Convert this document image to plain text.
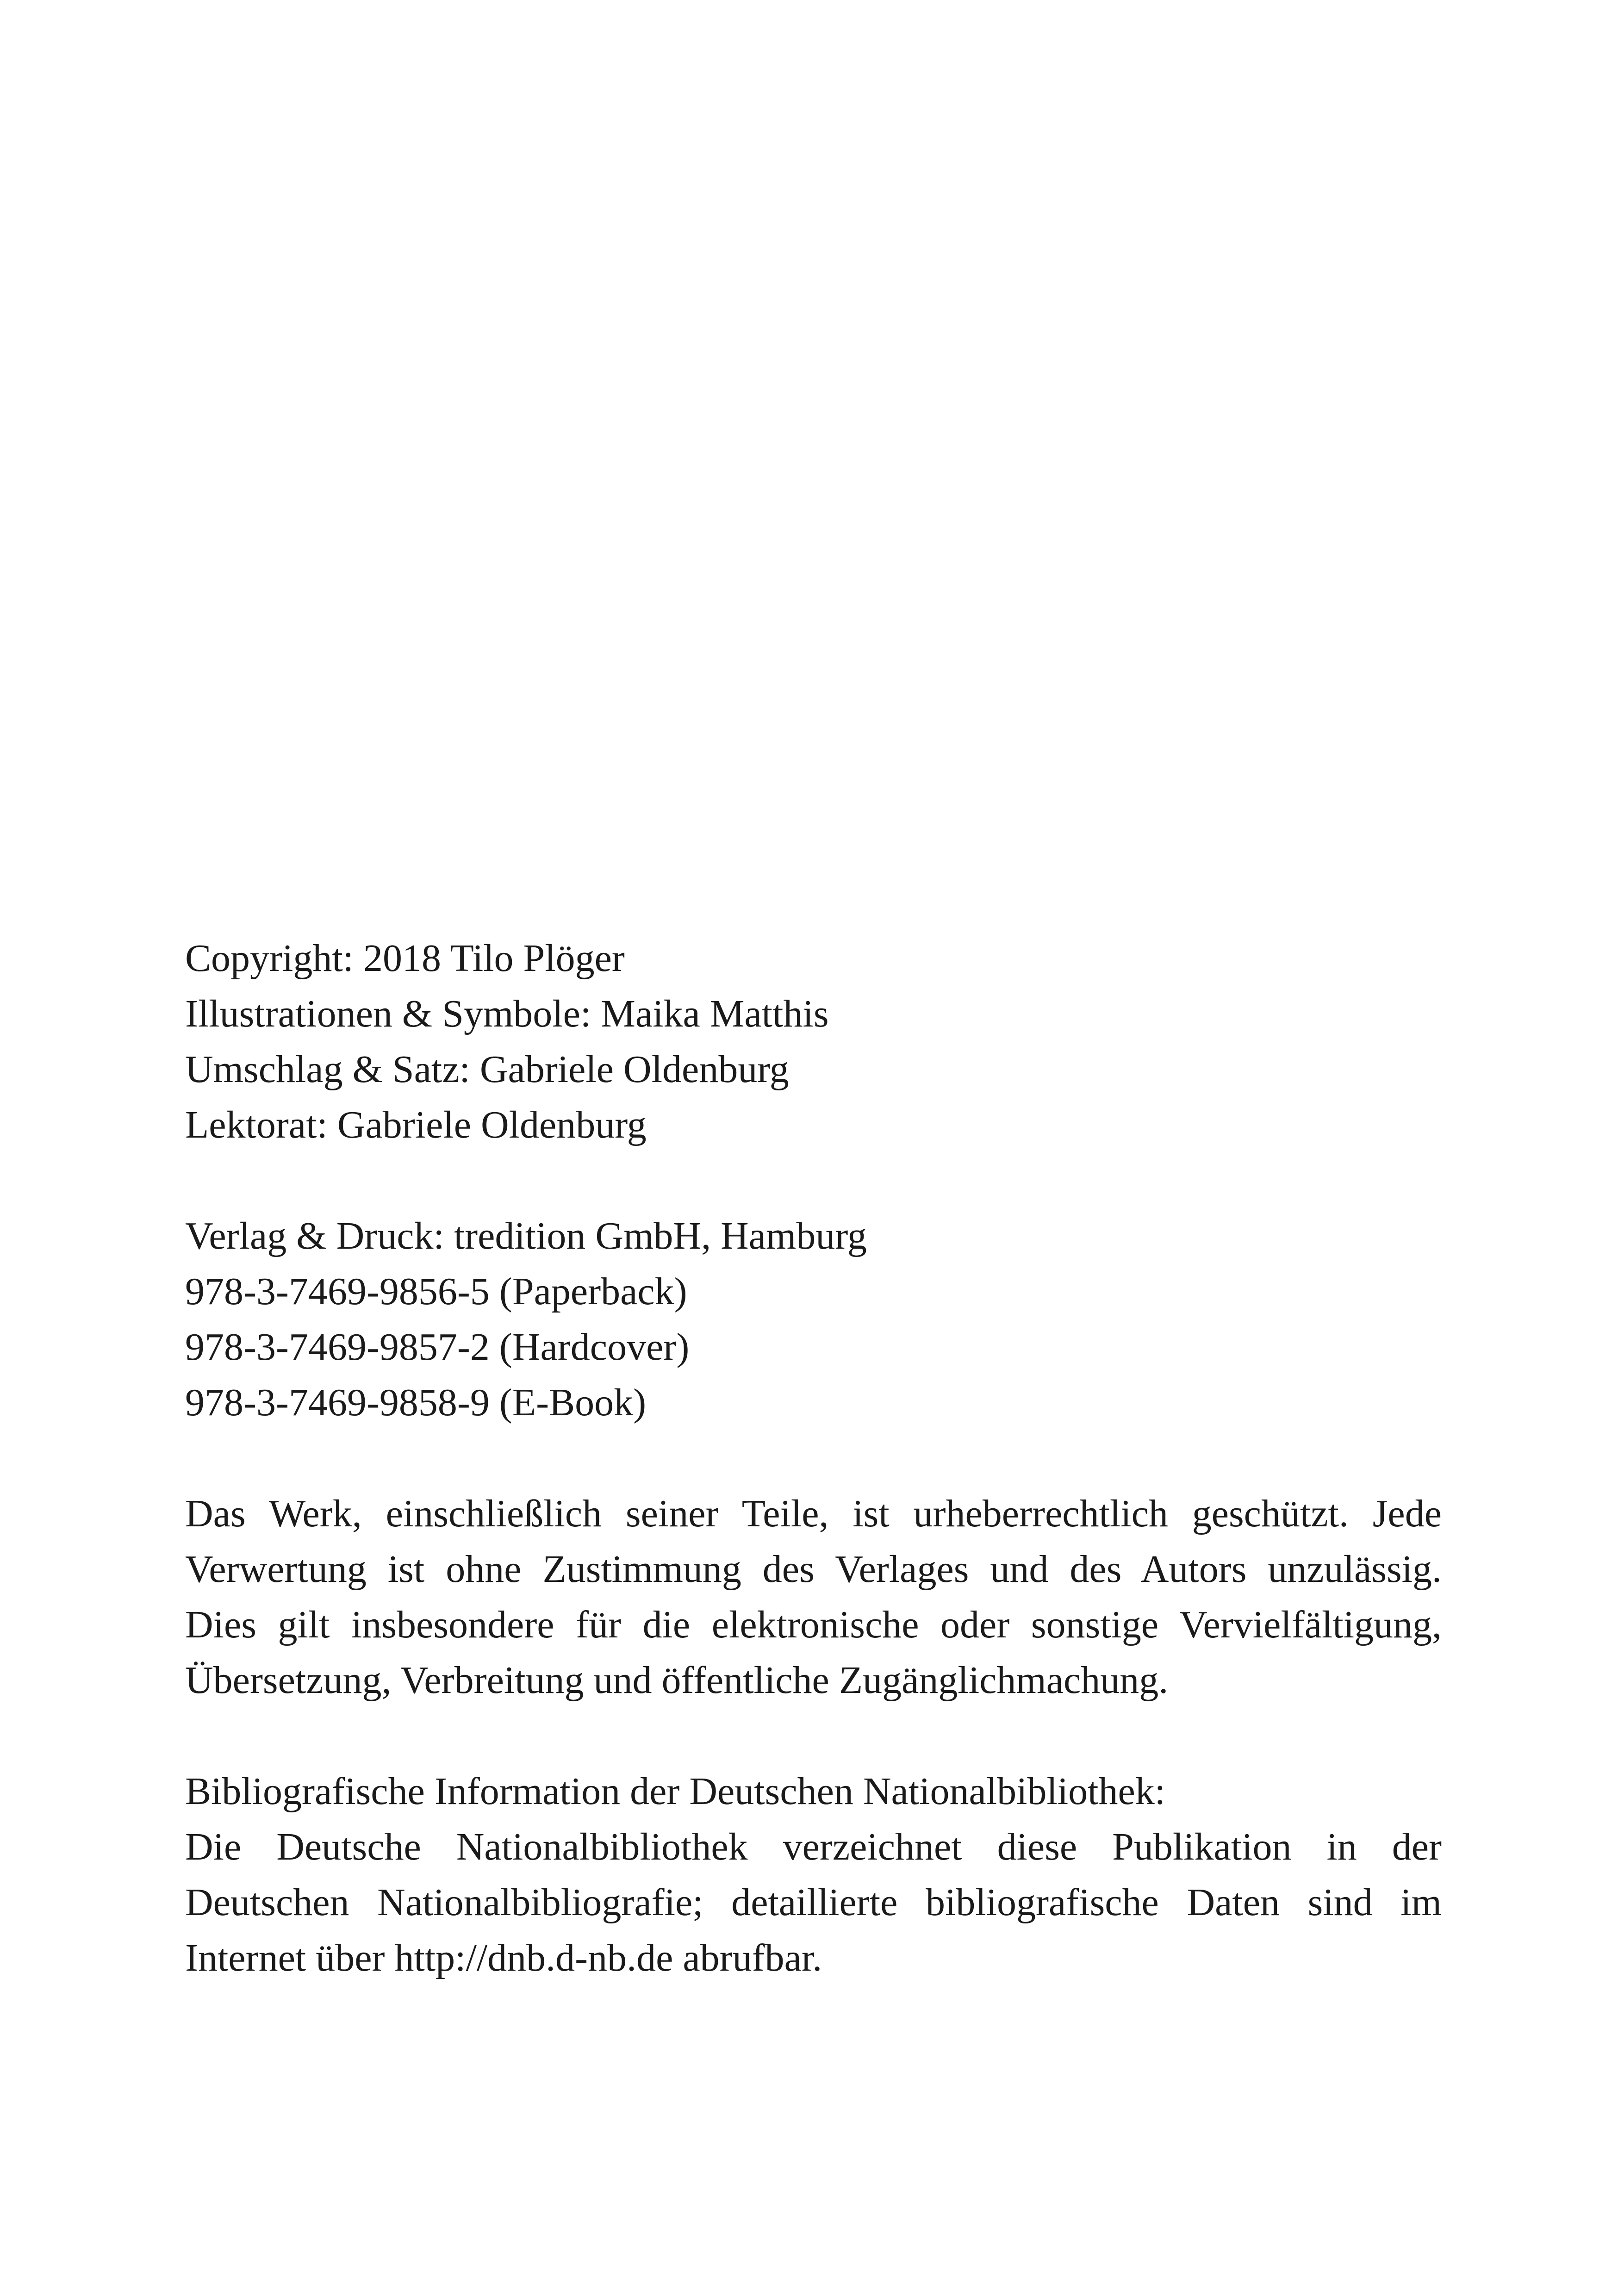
Copyright: 2018 Tilo Plöger
Illustrationen & Symbole: Maika Matthis
Umschlag & Satz: Gabriele Oldenburg
Lektorat: Gabriele Oldenburg
Verlag & Druck: tredition GmbH, Hamburg
978-3-7469-9856-5 (Paperback)
978-3-7469-9857-2 (Hardcover)
978-3-7469-9858-9 (E-Book)
Das Werk, einschließlich seiner Teile, ist urheberrechtlich geschützt. Jede
Verwertung ist ohne Zustimmung des Verlages und des Autors unzulässig.
Dies gilt insbesondere für die elektronische oder sonstige Vervielfältigung,
Übersetzung, Verbreitung und öffentliche Zugänglichmachung.
Bibliografische Information der Deutschen Nationalbibliothek:
Die Deutsche Nationalbibliothek verzeichnet diese Publikation in der
Deutschen Nationalbibliografie; detaillierte bibliografische Daten sind im
Internet über http://dnb.d-nb.de abrufbar.
